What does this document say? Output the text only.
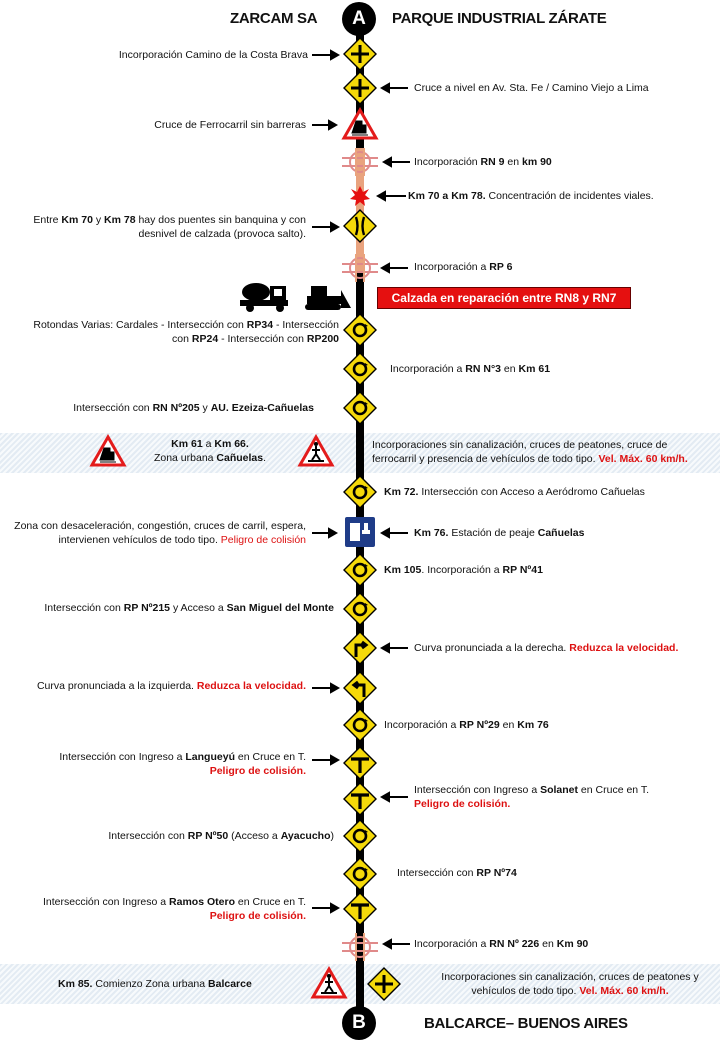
A
B
ZARCAM SA	PARQUE INDUSTRIAL ZÁRATE
BALCARCE– BUENOS AIRES
Calzada en reparación entre RN8 y RN7
Incorporación Camino de la Costa Brava
Cruce a nivel en Av. Sta. Fe / Camino Viejo a Lima
Cruce de Ferrocarril sin barreras
Incorporación RN 9 en km 90
Km 70 a Km 78. Concentración de incidentes viales.
Entre Km 70 y Km 78 hay dos puentes sin banquina y con
desnivel de calzada (provoca salto).
Incorporación a RP 6
Rotondas Varias: Cardales - Intersección con RP34 - Intersección
con RP24 - Intersección con RP200
Incorporación a RN N°3 en Km 61
Intersección con RN Nº205 y AU. Ezeiza-Cañuelas
Km 61 a Km 66.
Zona urbana Cañuelas.
Incorporaciones sin canalización, cruces de peatones, cruce de
ferrocarril y presencia de vehículos de todo tipo. Vel. Máx. 60 km/h.
Km 72. Intersección con Acceso a Aeródromo Cañuelas
Zona con desaceleración, congestión, cruces de carril, espera,
intervienen vehículos de todo tipo. Peligro de colisión
Km 76. Estación de peaje Cañuelas
Km 105. Incorporación a RP Nº41
Intersección con RP Nº215 y Acceso a San Miguel del Monte
Curva pronunciada a la derecha. Reduzca la velocidad.
Curva pronunciada a la izquierda. Reduzca la velocidad.
Incorporación a RP Nº29 en Km 76
Intersección con Ingreso a Langueyú en Cruce en T.
Peligro de colisión.
Intersección con Ingreso a Solanet en Cruce en T.
Peligro de colisión.
Intersección con RP Nº50 (Acceso a Ayacucho)
Intersección con RP Nº74
Intersección con Ingreso a Ramos Otero en Cruce en T.
Peligro de colisión.
Incorporación a RN Nº 226 en Km 90
Km 85. Comienzo Zona urbana Balcarce
Incorporaciones sin canalización, cruces de peatones y
vehículos de todo tipo. Vel. Máx. 60 km/h.
